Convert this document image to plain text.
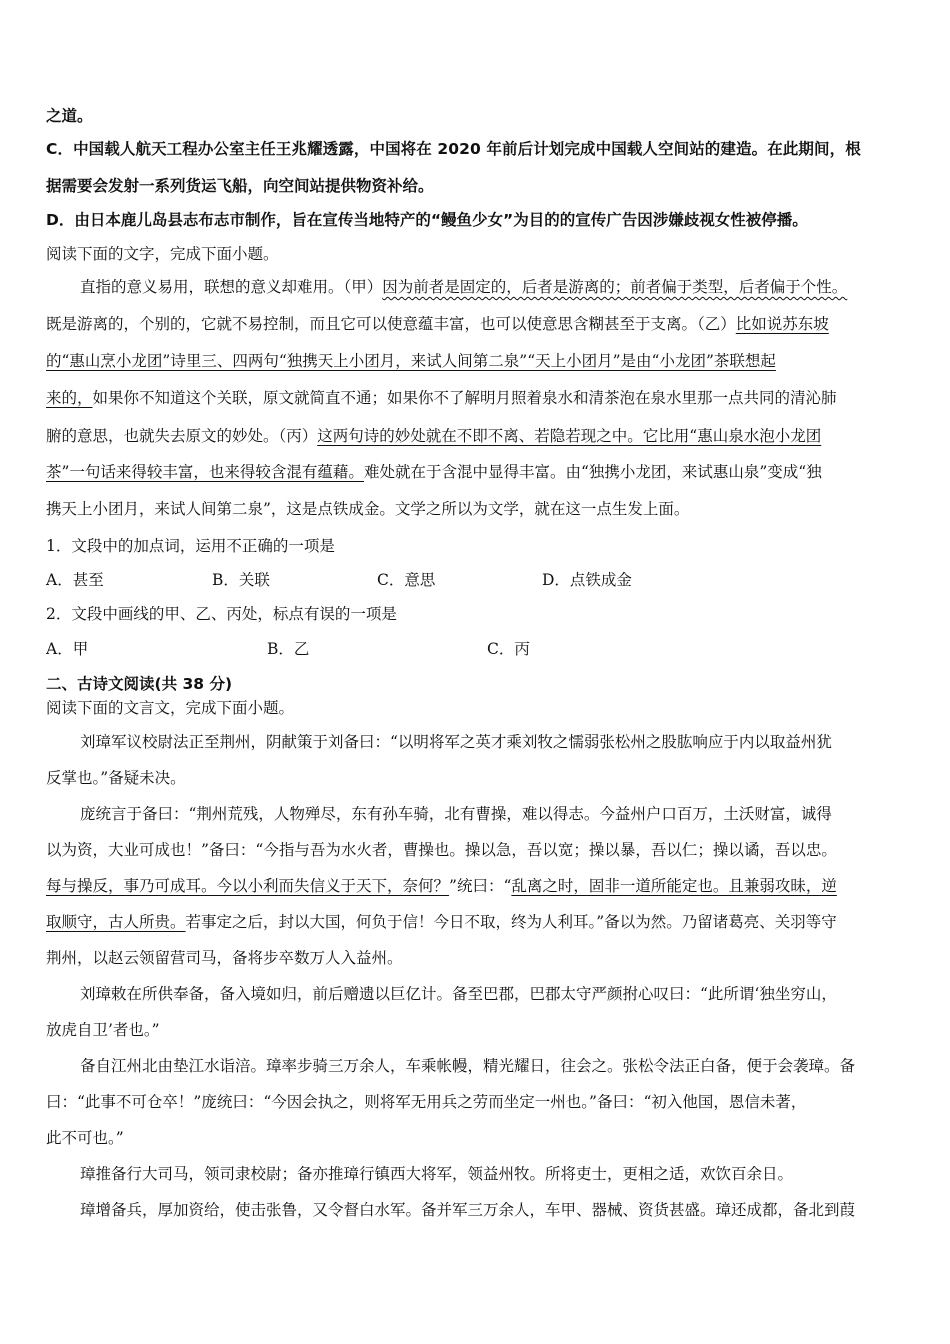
之道。
C．中国载人航天工程办公室主任王兆耀透露，中国将在 2020 年前后计划完成中国载人空间站的建造。在此期间，根
据需要会发射一系列货运飞船，向空间站提供物资补给。
D．由日本鹿儿岛县志布志市制作，旨在宣传当地特产的“鳗鱼少女”为目的的宣传广告因涉嫌歧视女性被停播。
阅读下面的文字，完成下面小题。
直指的意义易用，联想的意义却难用。（甲）因为前者是固定的，后者是游离的；前者偏于类型，后者偏于个性。
既是游离的，个别的，它就不易控制，而且它可以使意蕴丰富，也可以使意思含糊甚至于支离。（乙）比如说苏东坡
的“惠山烹小龙团”诗里三、四两句“独携天上小团月，来试人间第二泉”“天上小团月”是由“小龙团”茶联想起
来的，如果你不知道这个关联，原文就简直不通；如果你不了解明月照着泉水和清茶泡在泉水里那一点共同的清沁肺
腑的意思，也就失去原文的妙处。（丙）这两句诗的妙处就在不即不离、若隐若现之中。它比用“惠山泉水泡小龙团
茶”一句话来得较丰富，也来得较含混有蕴藉。难处就在于含混中显得丰富。由“独携小龙团，来试惠山泉”变成“独
携天上小团月，来试人间第二泉”，这是点铁成金。文学之所以为文学，就在这一点生发上面。
1．文段中的加点词，运用不正确的一项是
A．甚至	B．关联	C．意思	D．点铁成金
2．文段中画线的甲、乙、丙处，标点有误的一项是
A．甲	B．乙	C．丙
二、古诗文阅读(共 38 分)
阅读下面的文言文，完成下面小题。
刘璋军议校尉法正至荆州，阴献策于刘备曰：“以明将军之英才乘刘牧之懦弱张松州之股肱响应于内以取益州犹
反掌也。”备疑未决。
庞统言于备曰：“荆州荒残，人物殚尽，东有孙车骑，北有曹操，难以得志。今益州户口百万，土沃财富，诚得
以为资，大业可成也！”备曰：“今指与吾为水火者，曹操也。操以急，吾以宽；操以暴，吾以仁；操以谲，吾以忠。
每与操反，事乃可成耳。今以小利而失信义于天下，奈何？”统曰：“乱离之时，固非一道所能定也。且兼弱攻昧，逆
取顺守，古人所贵。若事定之后，封以大国，何负于信！今日不取，终为人利耳。”备以为然。乃留诸葛亮、关羽等守
荆州，以赵云领留营司马，备将步卒数万人入益州。
刘璋敕在所供奉备，备入境如归，前后赠遗以巨亿计。备至巴郡，巴郡太守严颜拊心叹曰：“此所谓‘独坐穷山，
放虎自卫’者也。”
备自江州北由垫江水诣涪。璋率步骑三万余人，车乘帐幔，精光耀日，往会之。张松令法正白备，便于会袭璋。备
曰：“此事不可仓卒！”庞统曰：“今因会执之，则将军无用兵之劳而坐定一州也。”备曰：“初入他国，恩信未著，
此不可也。”
璋推备行大司马，领司隶校尉；备亦推璋行镇西大将军，领益州牧。所将吏士，更相之适，欢饮百余日。
璋增备兵，厚加资给，使击张鲁，又令督白水军。备并军三万余人，车甲、器械、资货甚盛。璋还成都，备北到葭
